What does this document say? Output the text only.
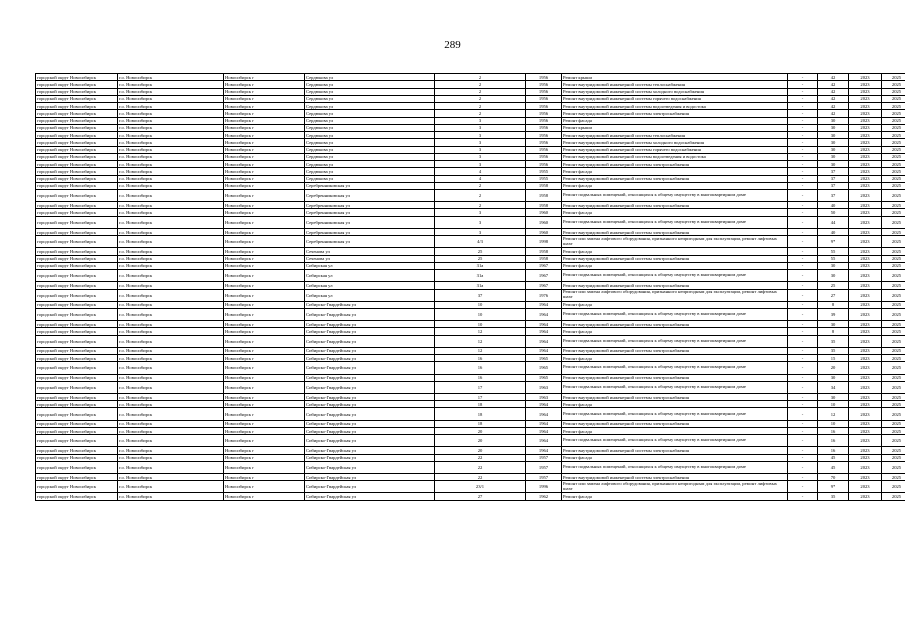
289
городской округ Новосибирск	г.о. Новосибирск	Новосибирск г	Сердюкова ул	2	1956	Ремонт крыши	-	42	2023	2025
городской округ Новосибирск	г.о. Новосибирск	Новосибирск г	Сердюкова ул	2	1956	Ремонт внутридомовой инженерной системы теплоснабжения	-	42	2023	2025
городской округ Новосибирск	г.о. Новосибирск	Новосибирск г	Сердюкова ул	2	1956	Ремонт внутридомовой инженерной системы холодного водоснабжения	-	42	2023	2025
городской округ Новосибирск	г.о. Новосибирск	Новосибирск г	Сердюкова ул	2	1956	Ремонт внутридомовой инженерной системы горячего водоснабжения	-	42	2023	2025
городской округ Новосибирск	г.о. Новосибирск	Новосибирск г	Сердюкова ул	2	1956	Ремонт внутридомовой инженерной системы водоотведения и водостока	-	42	2023	2025
городской округ Новосибирск	г.о. Новосибирск	Новосибирск г	Сердюкова ул	2	1956	Ремонт внутридомовой инженерной системы электроснабжения	-	42	2023	2025
городской округ Новосибирск	г.о. Новосибирск	Новосибирск г	Сердюкова ул	3	1956	Ремонт фасада	-	30	2023	2025
городской округ Новосибирск	г.о. Новосибирск	Новосибирск г	Сердюкова ул	3	1956	Ремонт крыши	-	30	2023	2025
городской округ Новосибирск	г.о. Новосибирск	Новосибирск г	Сердюкова ул	3	1956	Ремонт внутридомовой инженерной системы теплоснабжения	-	30	2023	2025
городской округ Новосибирск	г.о. Новосибирск	Новосибирск г	Сердюкова ул	3	1956	Ремонт внутридомовой инженерной системы холодного водоснабжения	-	30	2023	2025
городской округ Новосибирск	г.о. Новосибирск	Новосибирск г	Сердюкова ул	3	1956	Ремонт внутридомовой инженерной системы горячего водоснабжения	-	30	2023	2025
городской округ Новосибирск	г.о. Новосибирск	Новосибирск г	Сердюкова ул	3	1956	Ремонт внутридомовой инженерной системы водоотведения и водостока	-	30	2023	2025
городской округ Новосибирск	г.о. Новосибирск	Новосибирск г	Сердюкова ул	3	1956	Ремонт внутридомовой инженерной системы электроснабжения	-	30	2023	2025
городской округ Новосибирск	г.о. Новосибирск	Новосибирск г	Сердюкова ул	4	1955	Ремонт фасада	-	37	2023	2025
городской округ Новосибирск	г.о. Новосибирск	Новосибирск г	Сердюкова ул	4	1955	Ремонт внутридомовой инженерной системы электроснабжения	-	37	2023	2025
городской округ Новосибирск	г.о. Новосибирск	Новосибирск г	Серебренниковская ул	2	1958	Ремонт фасада	-	37	2023	2025
городской округ Новосибирск	г.о. Новосибирск	Новосибирск г	Серебренниковская ул	2	1958	Ремонт подвальных помещений, относящихся к общему имуществу в многоквартирном доме	-	37	2023	2025
городской округ Новосибирск	г.о. Новосибирск	Новосибирск г	Серебренниковская ул	2	1958	Ремонт внутридомовой инженерной системы электроснабжения	-	40	2023	2025
городской округ Новосибирск	г.о. Новосибирск	Новосибирск г	Серебренниковская ул	3	1960	Ремонт фасада	-	50	2023	2025
городской округ Новосибирск	г.о. Новосибирск	Новосибирск г	Серебренниковская ул	3	1960	Ремонт подвальных помещений, относящихся к общему имуществу в многоквартирном доме	-	44	2023	2025
городской округ Новосибирск	г.о. Новосибирск	Новосибирск г	Серебренниковская ул	3	1960	Ремонт внутридомовой инженерной системы электроснабжения	-	40	2023	2025
городской округ Новосибирск	г.о. Новосибирск	Новосибирск г	Серебренниковская ул	4/3	1998	Ремонт или замена лифтового оборудования, признанного непригодным для эксплуатации, ремонт лифтовых шахт	-	9*	2023	2025
городской округ Новосибирск	г.о. Новосибирск	Новосибирск г	Сеченова ул	25	1958	Ремонт фасада	-	55	2023	2025
городской округ Новосибирск	г.о. Новосибирск	Новосибирск г	Сеченова ул	25	1958	Ремонт внутридомовой инженерной системы электроснабжения	-	55	2023	2025
городской округ Новосибирск	г.о. Новосибирск	Новосибирск г	Сибирская ул	31а	1967	Ремонт фасада	-	30	2023	2025
городской округ Новосибирск	г.о. Новосибирск	Новосибирск г	Сибирская ул	31а	1967	Ремонт подвальных помещений, относящихся к общему имуществу в многоквартирном доме	-	30	2023	2025
городской округ Новосибирск	г.о. Новосибирск	Новосибирск г	Сибирская ул	31а	1967	Ремонт внутридомовой инженерной системы электроснабжения	-	25	2023	2025
городской округ Новосибирск	г.о. Новосибирск	Новосибирск г	Сибирская ул	37	1976	Ремонт или замена лифтового оборудования, признанного непригодным для эксплуатации, ремонт лифтовых шахт	-	27	2023	2025
городской округ Новосибирск	г.о. Новосибирск	Новосибирск г	Сибирско-Гвардейская ул	10	1964	Ремонт фасада	-	8	2023	2025
городской округ Новосибирск	г.о. Новосибирск	Новосибирск г	Сибирско-Гвардейская ул	10	1964	Ремонт подвальных помещений, относящихся к общему имуществу в многоквартирном доме	-	39	2023	2025
городской округ Новосибирск	г.о. Новосибирск	Новосибирск г	Сибирско-Гвардейская ул	10	1964	Ремонт внутридомовой инженерной системы электроснабжения	-	30	2023	2025
городской округ Новосибирск	г.о. Новосибирск	Новосибирск г	Сибирско-Гвардейская ул	12	1964	Ремонт фасада	-	8	2023	2025
городской округ Новосибирск	г.о. Новосибирск	Новосибирск г	Сибирско-Гвардейская ул	12	1964	Ремонт подвальных помещений, относящихся к общему имуществу в многоквартирном доме	-	35	2023	2025
городской округ Новосибирск	г.о. Новосибирск	Новосибирск г	Сибирско-Гвардейская ул	12	1964	Ремонт внутридомовой инженерной системы электроснабжения	-	35	2023	2025
городской округ Новосибирск	г.о. Новосибирск	Новосибирск г	Сибирско-Гвардейская ул	16	1965	Ремонт фасада	-	15	2023	2025
городской округ Новосибирск	г.о. Новосибирск	Новосибирск г	Сибирско-Гвардейская ул	16	1965	Ремонт подвальных помещений, относящихся к общему имуществу в многоквартирном доме	-	20	2023	2025
городской округ Новосибирск	г.о. Новосибирск	Новосибирск г	Сибирско-Гвардейская ул	16	1965	Ремонт внутридомовой инженерной системы электроснабжения	-	30	2023	2025
городской округ Новосибирск	г.о. Новосибирск	Новосибирск г	Сибирско-Гвардейская ул	17	1963	Ремонт подвальных помещений, относящихся к общему имуществу в многоквартирном доме	-	34	2023	2025
городской округ Новосибирск	г.о. Новосибирск	Новосибирск г	Сибирско-Гвардейская ул	17	1963	Ремонт внутридомовой инженерной системы электроснабжения	-	30	2023	2025
городской округ Новосибирск	г.о. Новосибирск	Новосибирск г	Сибирско-Гвардейская ул	18	1964	Ремонт фасада	-	10	2023	2025
городской округ Новосибирск	г.о. Новосибирск	Новосибирск г	Сибирско-Гвардейская ул	18	1964	Ремонт подвальных помещений, относящихся к общему имуществу в многоквартирном доме	-	12	2023	2025
городской округ Новосибирск	г.о. Новосибирск	Новосибирск г	Сибирско-Гвардейская ул	18	1964	Ремонт внутридомовой инженерной системы электроснабжения	-	10	2023	2025
городской округ Новосибирск	г.о. Новосибирск	Новосибирск г	Сибирско-Гвардейская ул	20	1964	Ремонт фасада	-	16	2023	2025
городской округ Новосибирск	г.о. Новосибирск	Новосибирск г	Сибирско-Гвардейская ул	20	1964	Ремонт подвальных помещений, относящихся к общему имуществу в многоквартирном доме	-	16	2023	2025
городской округ Новосибирск	г.о. Новосибирск	Новосибирск г	Сибирско-Гвардейская ул	20	1964	Ремонт внутридомовой инженерной системы электроснабжения	-	16	2023	2025
городской округ Новосибирск	г.о. Новосибирск	Новосибирск г	Сибирско-Гвардейская ул	22	1957	Ремонт фасада	-	45	2023	2025
городской округ Новосибирск	г.о. Новосибирск	Новосибирск г	Сибирско-Гвардейская ул	22	1957	Ремонт подвальных помещений, относящихся к общему имуществу в многоквартирном доме	-	45	2023	2025
городской округ Новосибирск	г.о. Новосибирск	Новосибирск г	Сибирско-Гвардейская ул	22	1957	Ремонт внутридомовой инженерной системы электроснабжения	-	70	2023	2025
городской округ Новосибирск	г.о. Новосибирск	Новосибирск г	Сибирско-Гвардейская ул	23/1	1996	Ремонт или замена лифтового оборудования, признанного непригодным для эксплуатации, ремонт лифтовых шахт	-	9*	2023	2025
городской округ Новосибирск	г.о. Новосибирск	Новосибирск г	Сибирско-Гвардейская ул	27	1962	Ремонт фасада	-	35	2023	2025
